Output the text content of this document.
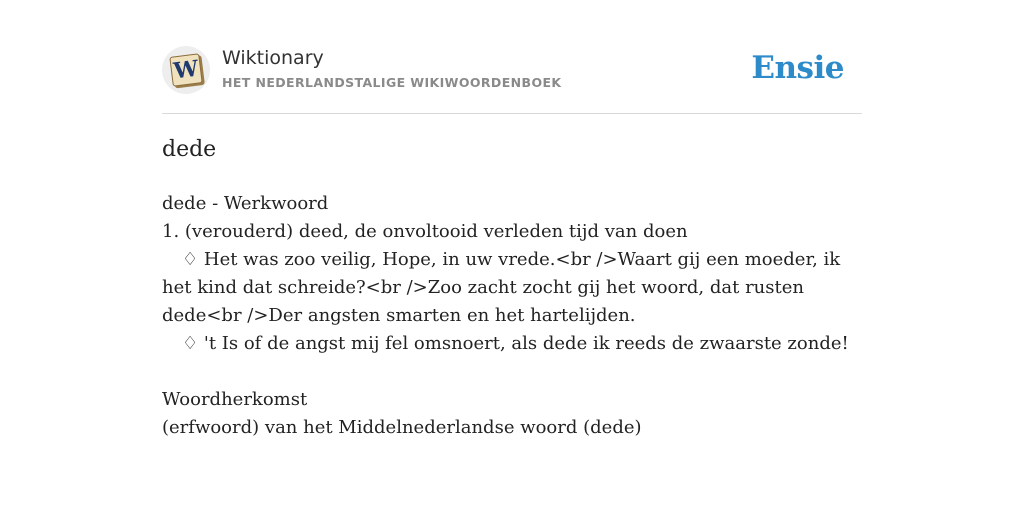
W Wiktionary
HET NEDERLANDSTALIGE WIKIWOORDENBOEK	Ensie
dede
dede - Werkwoord
1. (verouderd) deed, de onvoltooid verleden tijd van doen
♢ Het was zoo veilig, Hope, in uw vrede.<br />Waart gij een moeder, ik het kind dat schreide?<br />Zoo zacht zocht gij het woord, dat rusten dede<br />Der angsten smarten en het hartelijden.
♢ 't Is of de angst mij fel omsnoert, als dede ik reeds de zwaarste zonde!
Woordherkomst
(erfwoord) van het Middelnederlandse woord (dede)
